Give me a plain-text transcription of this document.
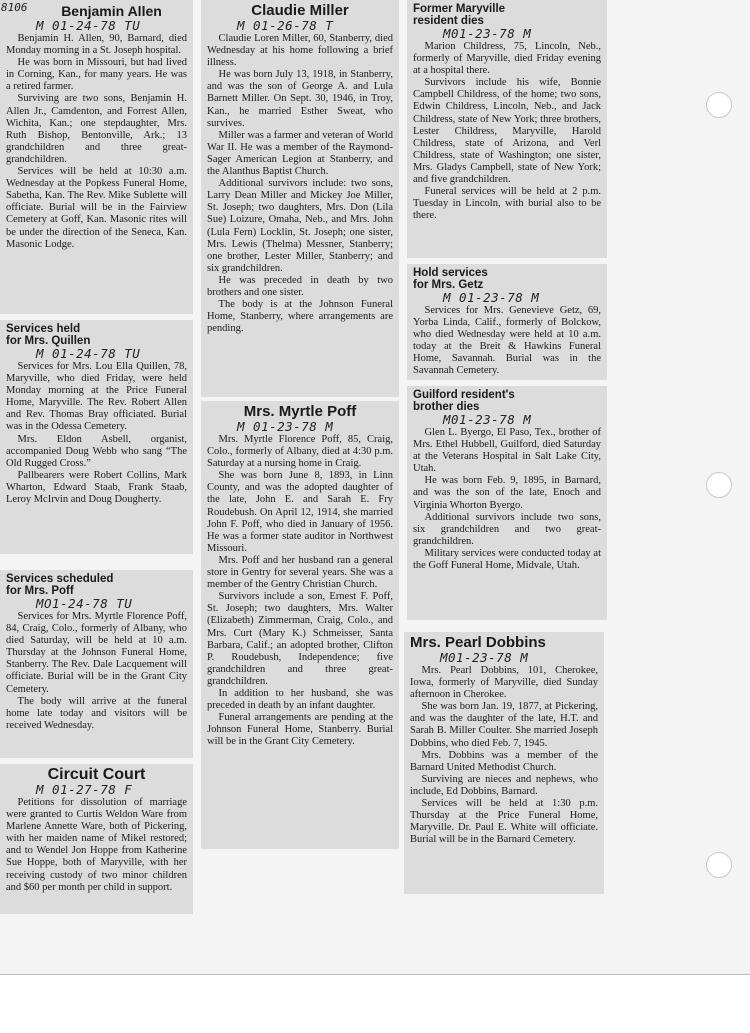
Benjamin Allen
M 01-24-78 TU

Benjamin H. Allen, 90, Barnard, died Monday morning in a St. Joseph hospital.

He was born in Missouri, but had lived in Corning, Kan., for many years. He was a retired farmer.

Surviving are two sons, Benjamin H. Allen Jr., Camdenton, and Forrest Allen, Wichita, Kan.; one stepdaughter, Mrs. Ruth Bishop, Bentonville, Ark.; 13 grandchildren and three great-grandchildren.

Services will be held at 10:30 a.m. Wednesday at the Popkess Funeral Home, Sabetha, Kan. The Rev. Mike Sublette will officiate. Burial will be in the Fairview Cemetery at Goff, Kan. Masonic rites will be under the direction of the Seneca, Kan. Masonic Lodge.

Services held
for Mrs. Quillen
M 01-24-78 TU

Services for Mrs. Lou Ella Quillen, 78, Maryville, who died Friday, were held Monday morning at the Price Funeral Home, Maryville. The Rev. Robert Allen and Rev. Thomas Bray officiated. Burial was in the Odessa Cemetery.

Mrs. Eldon Asbell, organist, accompanied Doug Webb who sang “The Old Rugged Cross.”

Pallbearers were Robert Collins, Mark Wharton, Edward Staab, Frank Staab, Leroy McIrvin and Doug Dougherty.

Services scheduled
for Mrs. Poff
MO1-24-78 TU

Services for Mrs. Myrtle Florence Poff, 84, Craig, Colo., formerly of Albany, who died Saturday, will be held at 10 a.m. Thursday at the Johnson Funeral Home, Stanberry. The Rev. Dale Lacquement will officiate. Burial will be in the Grant City Cemetery.

The body will arrive at the funeral home late today and visitors will be received Wednesday.

Circuit Court
M 01-27-78 F

Petitions for dissolution of marriage were granted to Curtis Weldon Ware from Marlene Annette Ware, both of Pickering, with her maiden name of Mikel restored; and to Wendel Jon Hoppe from Katherine Sue Hoppe, both of Maryville, with her receiving custody of two minor children and $60 per month per child in support.

Claudie Miller
M 01-26-78 T

Claudie Loren Miller, 60, Stanberry, died Wednesday at his home following a brief illness.

He was born July 13, 1918, in Stanberry, and was the son of George A. and Lula Barnett Miller. On Sept. 30, 1946, in Troy, Kan., he married Esther Sweat, who survives.

Miller was a farmer and veteran of World War II. He was a member of the Raymond-Sager American Legion at Stanberry, and the Alanthus Baptist Church.

Additional survivors include: two sons, Larry Dean Miller and Mickey Joe Miller, St. Joseph; two daughters, Mrs. Don (Lila Sue) Loizure, Omaha, Neb., and Mrs. John (Lula Fern) Locklin, St. Joseph; one sister, Mrs. Lewis (Thelma) Messner, Stanberry; one brother, Lester Miller, Stanberry; and six grandchildren.

He was preceded in death by two brothers and one sister.

The body is at the Johnson Funeral Home, Stanberry, where arrangements are pending.

Mrs. Myrtle Poff
M 01-23-78 M

Mrs. Myrtle Florence Poff, 85, Craig, Colo., formerly of Albany, died at 4:30 p.m. Saturday at a nursing home in Craig.

She was born June 8, 1893, in Linn County, and was the adopted daughter of the late, John E. and Sarah E. Fry Roudebush. On April 12, 1914, she married John F. Poff, who died in January of 1956. He was a former state auditor in Northwest Missouri.

Mrs. Poff and her husband ran a general store in Gentry for several years. She was a member of the Gentry Christian Church.

Survivors include a son, Ernest F. Poff, St. Joseph; two daughters, Mrs. Walter (Elizabeth) Zimmerman, Craig, Colo., and Mrs. Curt (Mary K.) Schmeisser, Santa Barbara, Calif.; an adopted brother, Clifton P. Roudebush, Independence; five grandchildren and three great-grandchildren.

In addition to her husband, she was preceded in death by an infant daughter.

Funeral arrangements are pending at the Johnson Funeral Home, Stanberry. Burial will be in the Grant City Cemetery.

Former Maryville
resident dies
M01-23-78 M

Marion Childress, 75, Lincoln, Neb., formerly of Maryville, died Friday evening at a hospital there.

Survivors include his wife, Bonnie Campbell Childress, of the home; two sons, Edwin Childress, Lincoln, Neb., and Jack Childress, state of New York; three brothers, Lester Childress, Maryville, Harold Childress, state of Arizona, and Verl Childress, state of Washington; one sister, Mrs. Gladys Campbell, state of New York; and five grandchildren.

Funeral services will be held at 2 p.m. Tuesday in Lincoln, with burial also to be there.

Hold services
for Mrs. Getz
M 01-23-78 M

Services for Mrs. Genevieve Getz, 69, Yorba Linda, Calif., formerly of Bolckow, who died Wednesday were held at 10 a.m. today at the Breit & Hawkins Funeral Home, Savannah. Burial was in the Savannah Cemetery.

Guilford resident's
brother dies
M01-23-78 M

Glen L. Byergo, El Paso, Tex., brother of Mrs. Ethel Hubbell, Guilford, died Saturday at the Veterans Hospital in Salt Lake City, Utah.

He was born Feb. 9, 1895, in Barnard, and was the son of the late, Enoch and Virginia Whorton Byergo.

Additional survivors include two sons, six grandchildren and two great-grandchildren.

Military services were conducted today at the Goff Funeral Home, Midvale, Utah.

Mrs. Pearl Dobbins
M01-23-78 M

Mrs. Pearl Dobbins, 101, Cherokee, Iowa, formerly of Maryville, died Sunday afternoon in Cherokee.

She was born Jan. 19, 1877, at Pickering, and was the daughter of the late, H.T. and Sarah B. Miller Coulter. She married Joseph Dobbins, who died Feb. 7, 1945.

Mrs. Dobbins was a member of the Barnard United Methodist Church.

Surviving are nieces and nephews, who include, Ed Dobbins, Barnard.

Services will be held at 1:30 p.m. Thursday at the Price Funeral Home, Maryville. Dr. Paul E. White will officiate. Burial will be in the Barnard Cemetery.

8106
